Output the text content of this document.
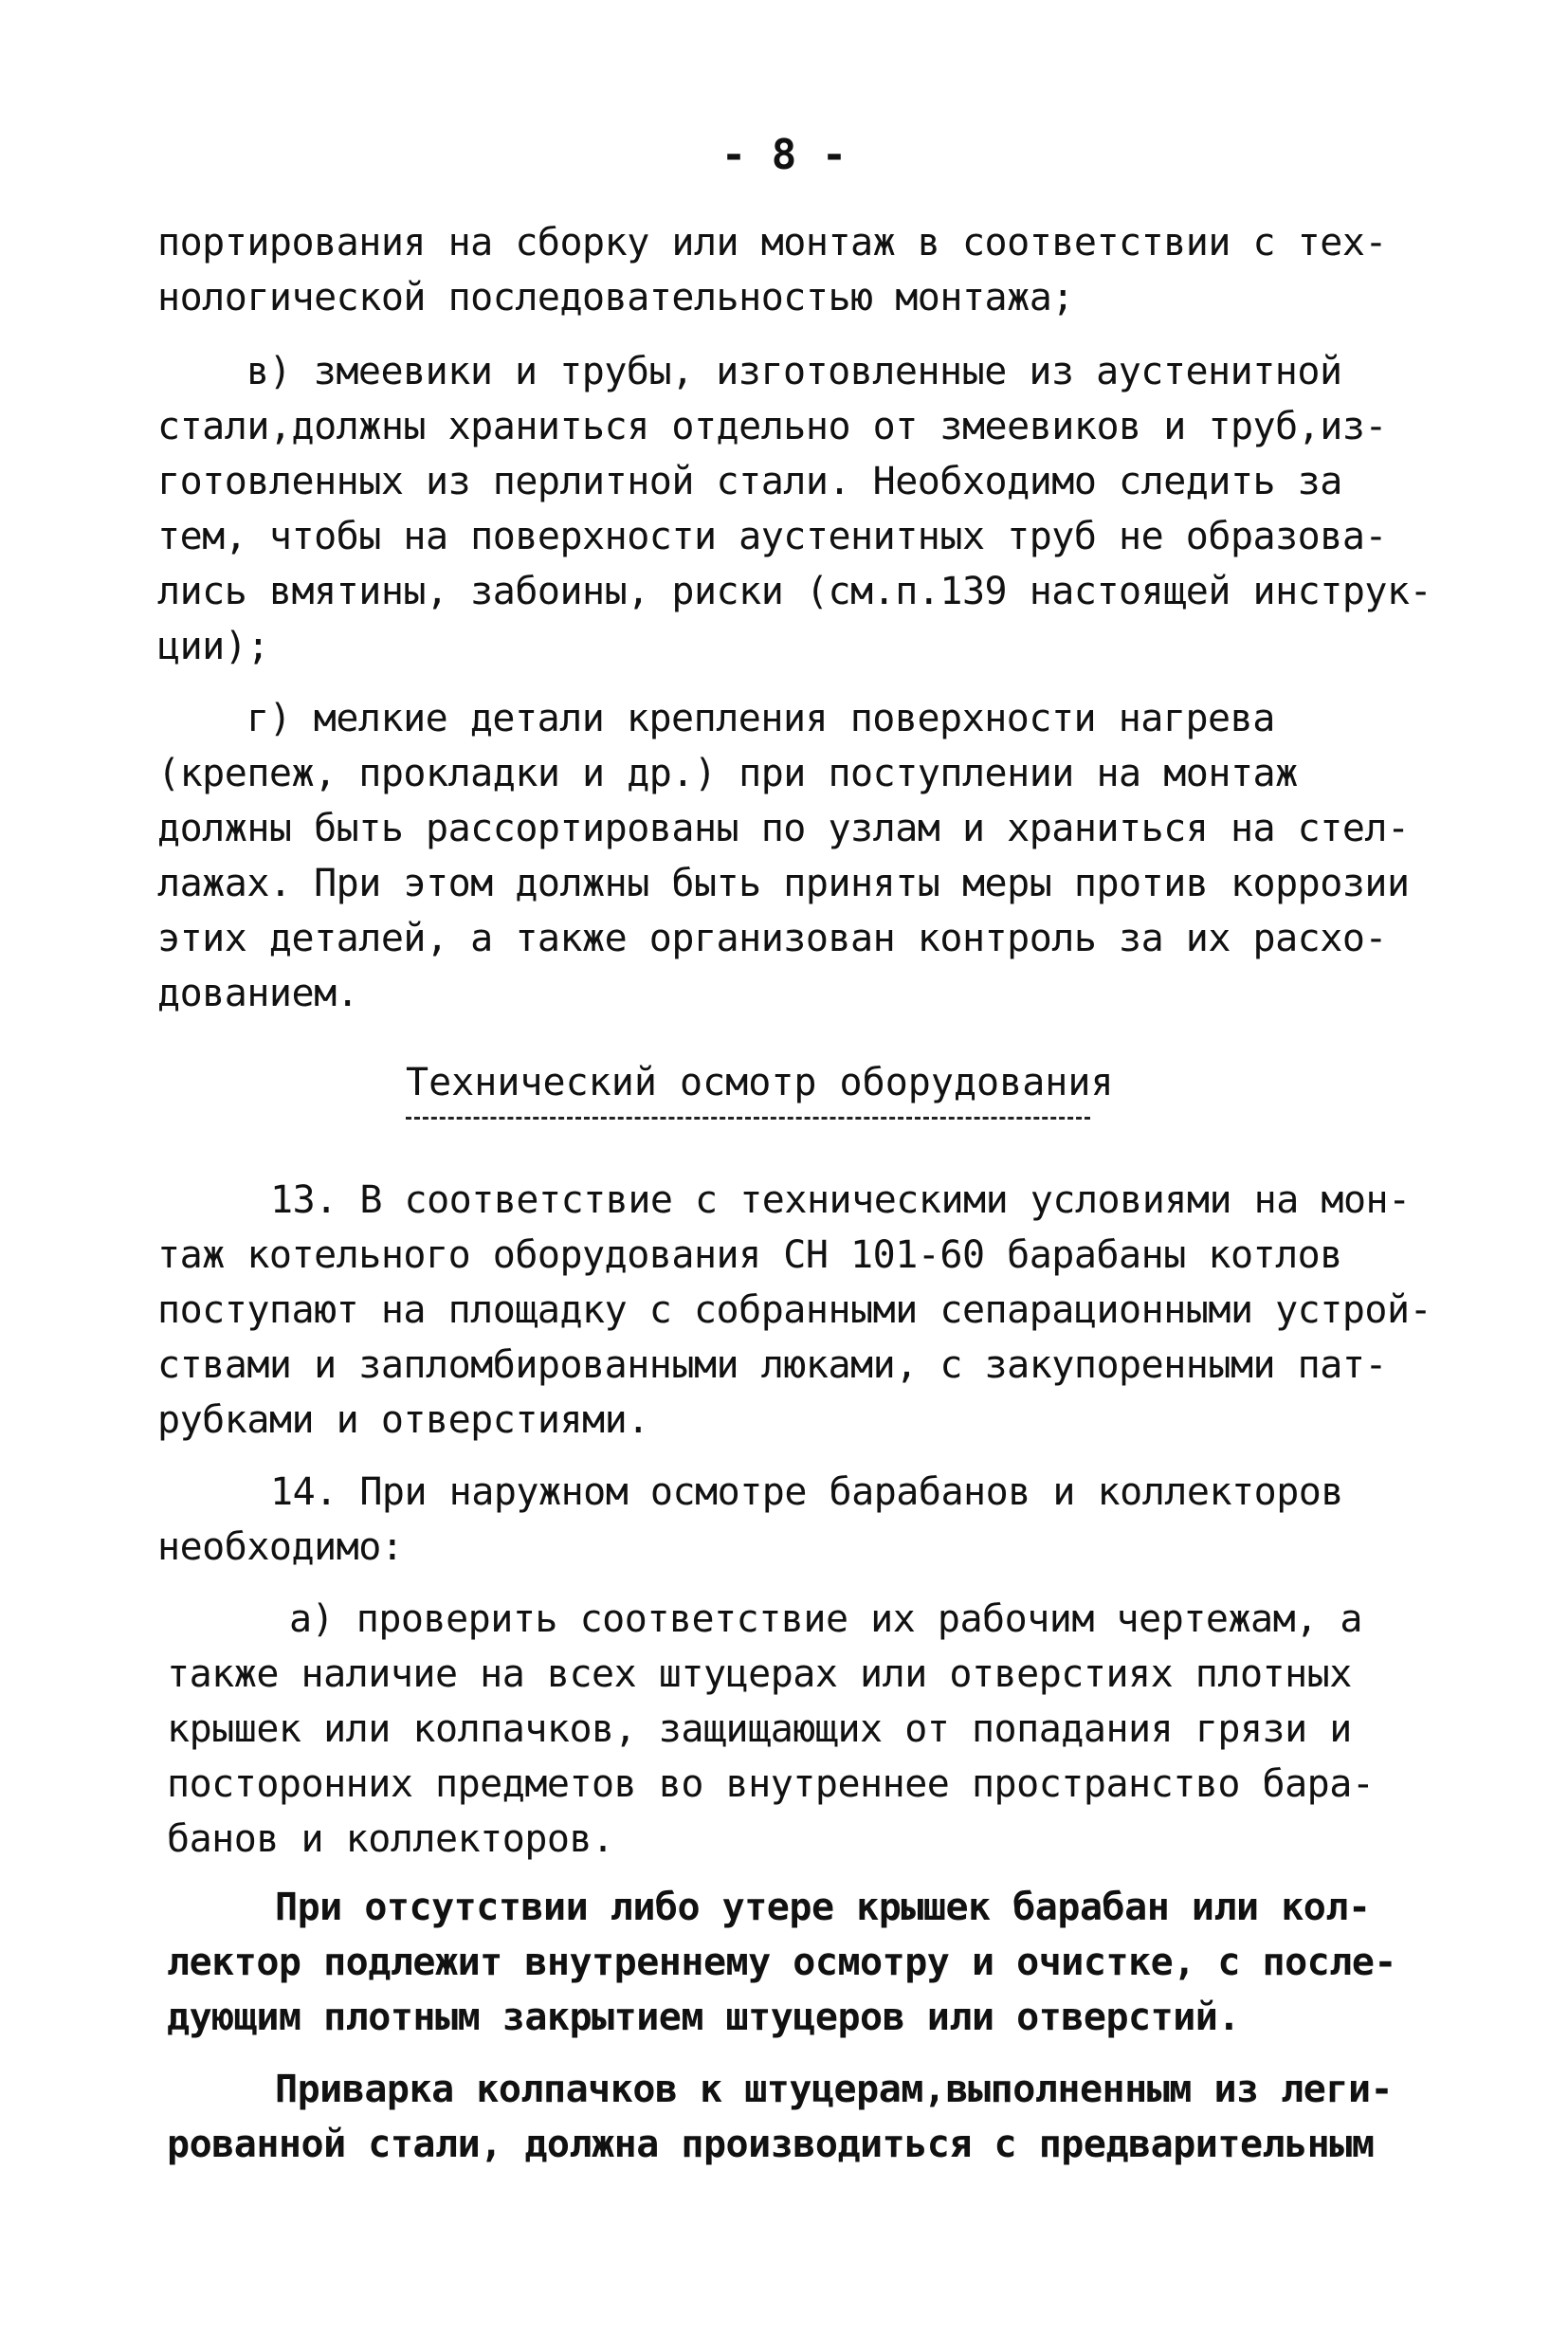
- 8 -

портирования на сборку или монтаж в соответствии с тех-

нологической последовательностью монтажа;

в) змеевики и трубы, изготовленные из аустенитной

стали,должны храниться отдельно от змеевиков и труб,из-

готовленных из перлитной стали. Необходимо следить за

тем, чтобы на поверхности аустенитных труб не образова-

лись вмятины, забоины, риски (см.п.139 настоящей инструк-

ции);

г) мелкие детали крепления поверхности нагрева

(крепеж, прокладки и др.) при поступлении на монтаж

должны быть рассортированы по узлам и храниться на стел-

лажах. При этом должны быть приняты меры против коррозии

этих деталей, а также организован контроль за их расхо-

дованием.

Технический осмотр оборудования

13. В соответствие с техническими условиями на мон-

таж котельного оборудования СН 101-60 барабаны котлов

поступают на площадку с собранными сепарационными устрой-

ствами и запломбированными люками, с закупоренными пат-

рубками и отверстиями.

14. При наружном осмотре барабанов и коллекторов

необходимо:

а) проверить соответствие их рабочим чертежам, а

также наличие на всех штуцерах или отверстиях плотных

крышек или колпачков, защищающих от попадания грязи и

посторонних предметов во внутреннее пространство бара-

банов и коллекторов.

При отсутствии либо утере крышек барабан или кол-

лектор подлежит внутреннему осмотру и очистке, с после-

дующим плотным закрытием штуцеров или отверстий.

Приварка колпачков к штуцерам,выполненным из леги-

рованной стали, должна производиться с предварительным
